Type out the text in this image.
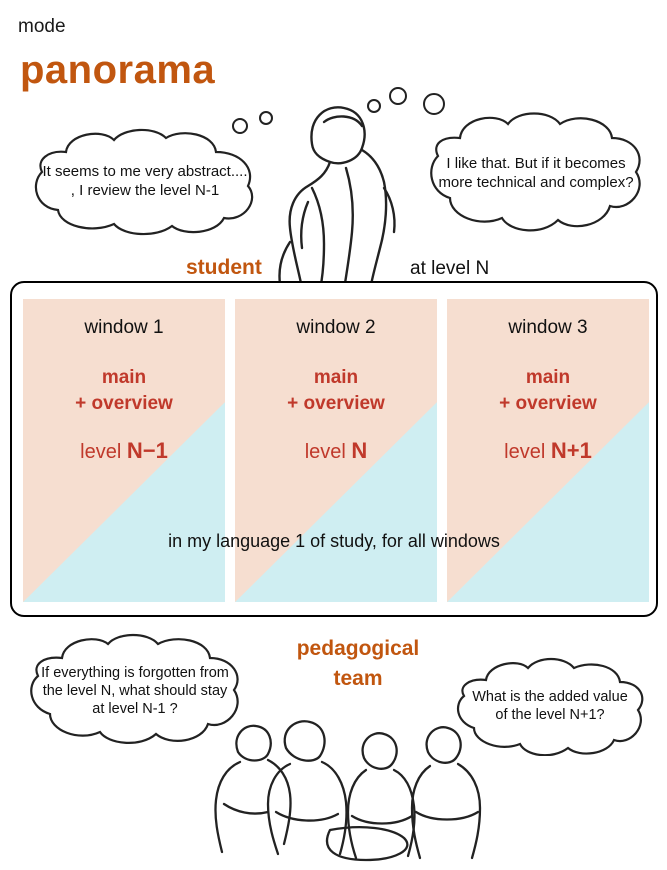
mode
panorama
It seems to me very abstract.... , I review the level N-1
I like that. But if it becomes more technical and complex?
student	at level N
window 1
main
+ overview
level N−1
window 2
main
+ overview
level N
window 3
main
+ overview
level N+1
in my language 1 of study, for all windows
pedagogical
team
If everything is forgotten from the level N, what should stay at level N-1 ?
What is the added value of the level N+1?
